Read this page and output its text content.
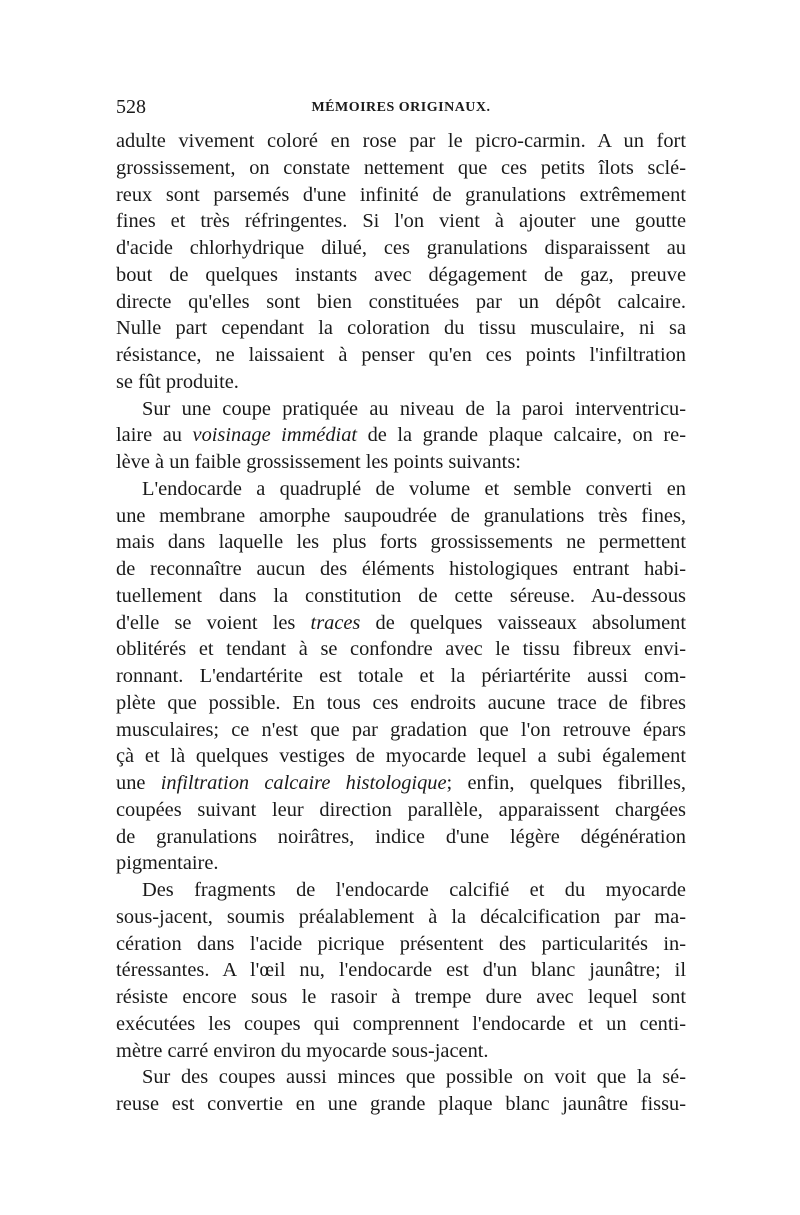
528	MÉMOIRES ORIGINAUX.
adulte vivement coloré en rose par le picro-carmin. A un fort
grossissement, on constate nettement que ces petits îlots sclé-
reux sont parsemés d'une infinité de granulations extrêmement
fines et très réfringentes. Si l'on vient à ajouter une goutte
d'acide chlorhydrique dilué, ces granulations disparaissent au
bout de quelques instants avec dégagement de gaz, preuve
directe qu'elles sont bien constituées par un dépôt calcaire.
Nulle part cependant la coloration du tissu musculaire, ni sa
résistance, ne laissaient à penser qu'en ces points l'infiltration
se fût produite.
Sur une coupe pratiquée au niveau de la paroi interventricu-
laire au voisinage immédiat de la grande plaque calcaire, on re-
lève à un faible grossissement les points suivants:
L'endocarde a quadruplé de volume et semble converti en
une membrane amorphe saupoudrée de granulations très fines,
mais dans laquelle les plus forts grossissements ne permettent
de reconnaître aucun des éléments histologiques entrant habi-
tuellement dans la constitution de cette séreuse. Au-dessous
d'elle se voient les traces de quelques vaisseaux absolument
oblitérés et tendant à se confondre avec le tissu fibreux envi-
ronnant. L'endartérite est totale et la périartérite aussi com-
plète que possible. En tous ces endroits aucune trace de fibres
musculaires; ce n'est que par gradation que l'on retrouve épars
çà et là quelques vestiges de myocarde lequel a subi également
une infiltration calcaire histologique; enfin, quelques fibrilles,
coupées suivant leur direction parallèle, apparaissent chargées
de granulations noirâtres, indice d'une légère dégénération
pigmentaire.
Des fragments de l'endocarde calcifié et du myocarde
sous-jacent, soumis préalablement à la décalcification par ma-
cération dans l'acide picrique présentent des particularités in-
téressantes. A l'œil nu, l'endocarde est d'un blanc jaunâtre; il
résiste encore sous le rasoir à trempe dure avec lequel sont
exécutées les coupes qui comprennent l'endocarde et un centi-
mètre carré environ du myocarde sous-jacent.
Sur des coupes aussi minces que possible on voit que la sé-
reuse est convertie en une grande plaque blanc jaunâtre fissu-
